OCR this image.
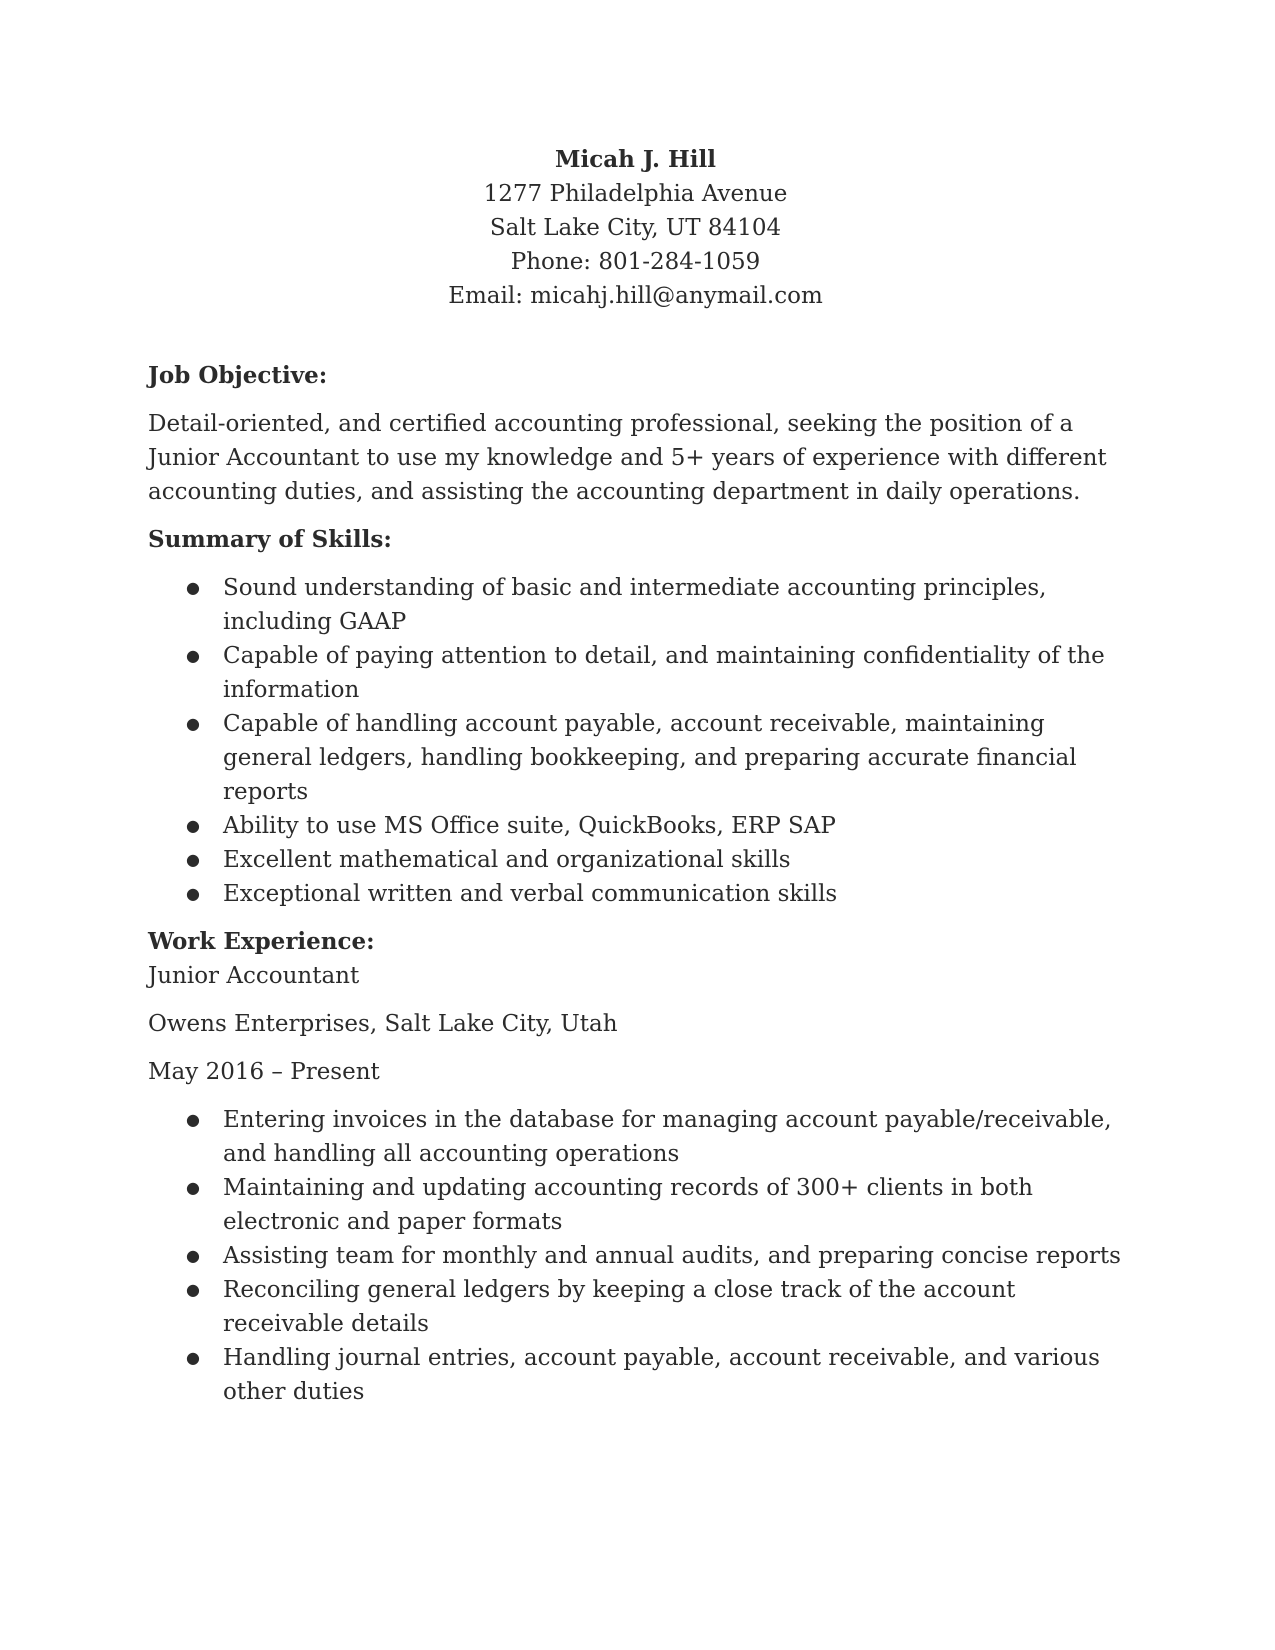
Micah J. Hill
1277 Philadelphia Avenue
Salt Lake City, UT 84104
Phone: 801-284-1059
Email: micahj.hill@anymail.com
Job Objective:
Detail-oriented, and certified accounting professional, seeking the position of a Junior Accountant to use my knowledge and 5+ years of experience with different accounting duties, and assisting the accounting department in daily operations.
Summary of Skills:
● Sound understanding of basic and intermediate accounting principles, including GAAP
● Capable of paying attention to detail, and maintaining confidentiality of the information
● Capable of handling account payable, account receivable, maintaining general ledgers, handling bookkeeping, and preparing accurate financial reports
● Ability to use MS Office suite, QuickBooks, ERP SAP
● Excellent mathematical and organizational skills
● Exceptional written and verbal communication skills
Work Experience:
Junior Accountant
Owens Enterprises, Salt Lake City, Utah
May 2016 – Present
● Entering invoices in the database for managing account payable/receivable, and handling all accounting operations
● Maintaining and updating accounting records of 300+ clients in both electronic and paper formats
● Assisting team for monthly and annual audits, and preparing concise reports
● Reconciling general ledgers by keeping a close track of the account receivable details
● Handling journal entries, account payable, account receivable, and various other duties
